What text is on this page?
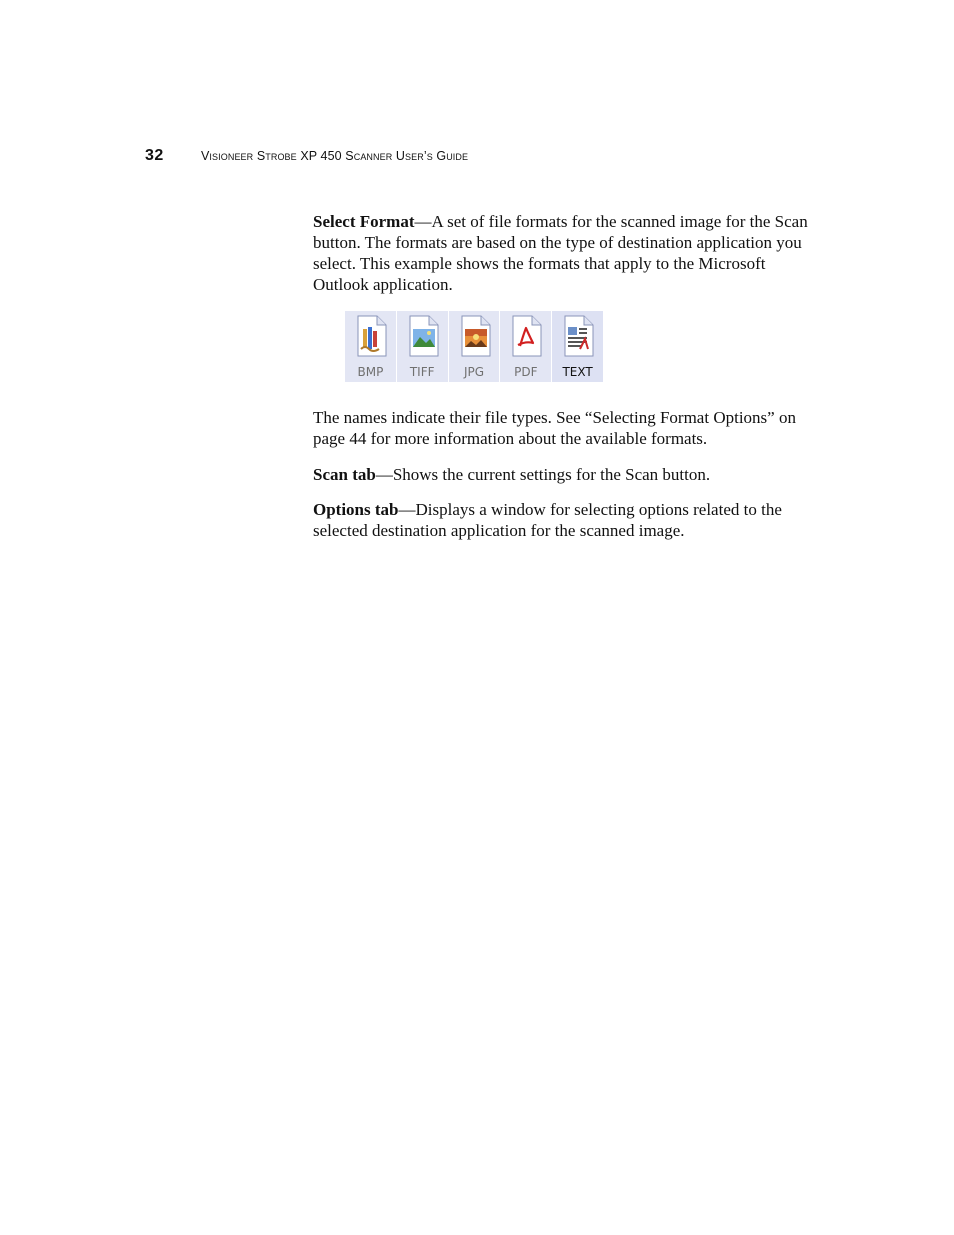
32	Visioneer Strobe XP 450 Scanner User’s Guide

Select Format—A set of file formats for the scanned image for the Scan button. The formats are based on the type of destination application you select. This example shows the formats that apply to the Microsoft Outlook application.

BMP	TIFF	JPG	PDF	TEXT

The names indicate their file types. See “Selecting Format Options” on page 44 for more information about the available formats.

Scan tab—Shows the current settings for the Scan button.

Options tab—Displays a window for selecting options related to the selected destination application for the scanned image.
